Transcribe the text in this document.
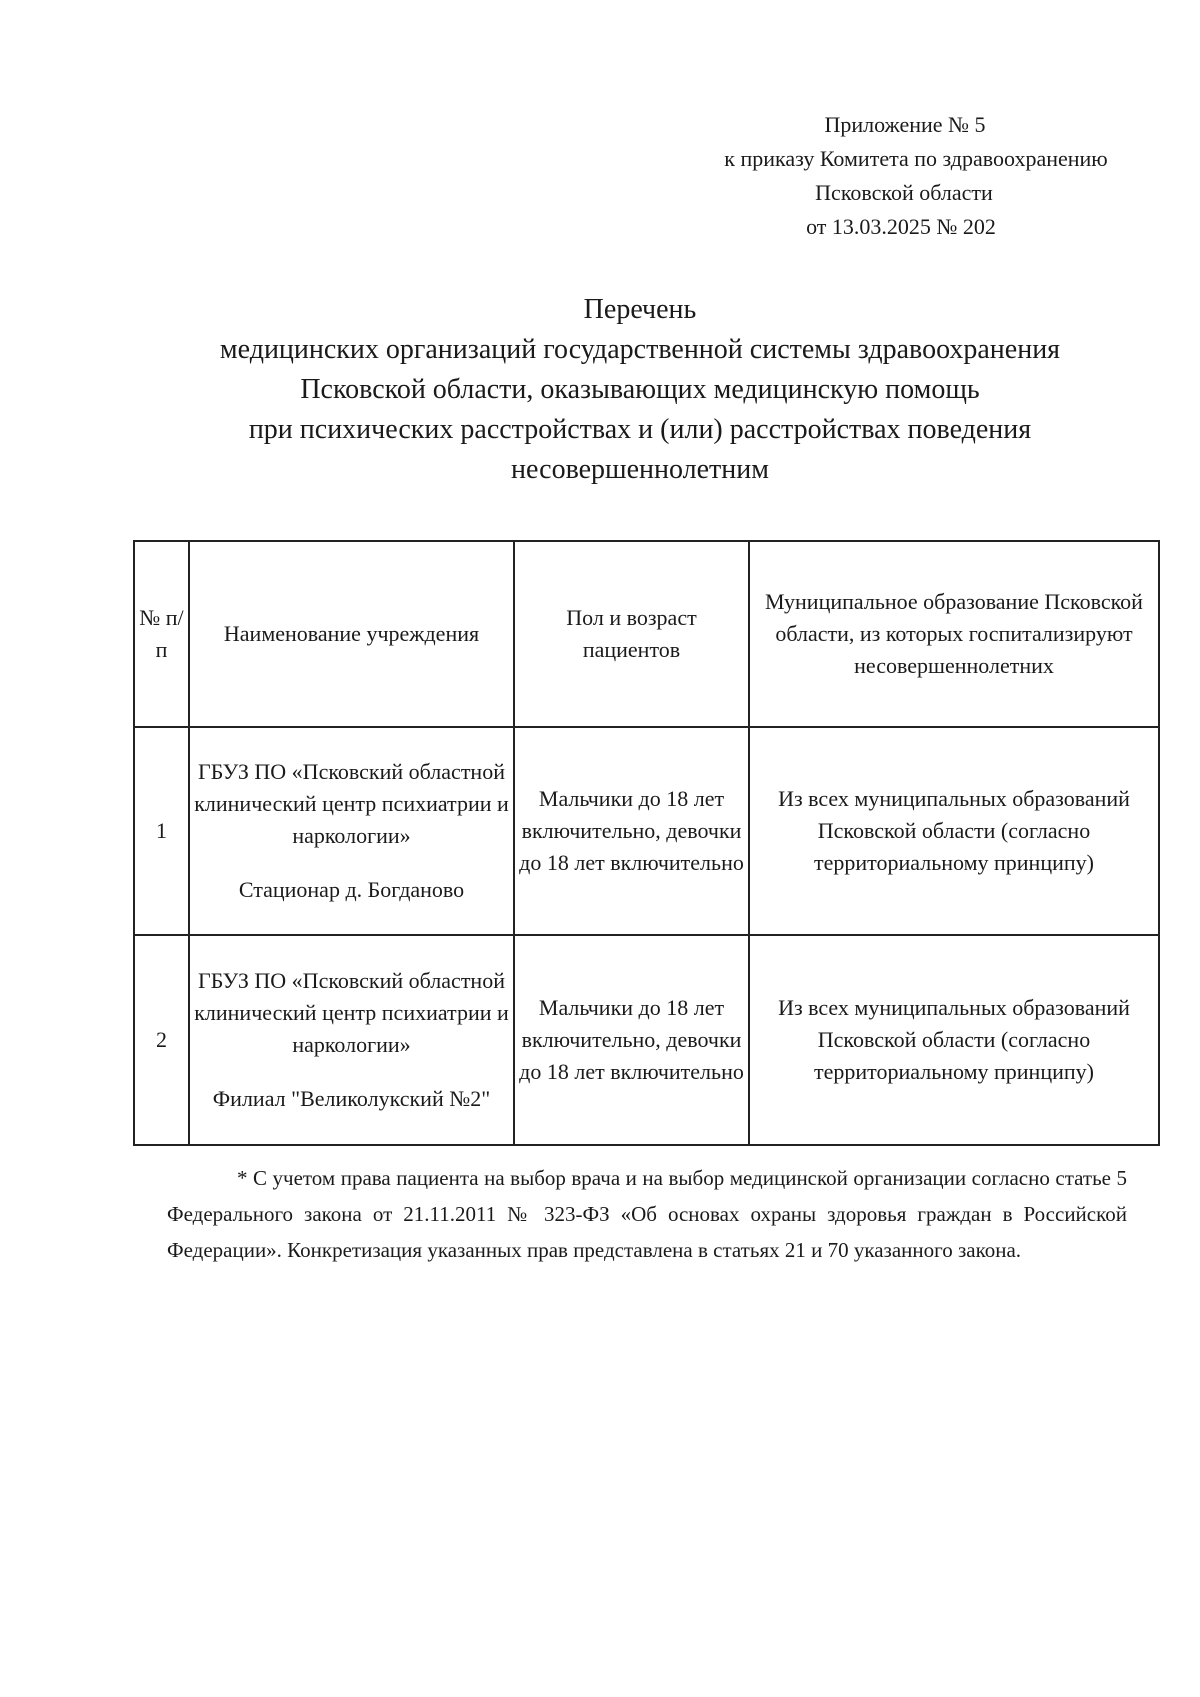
Приложение № 5
к приказу Комитета по здравоохранению
Псковской области
от 13.03.2025 № 202
Перечень
медицинских организаций государственной системы здравоохранения
Псковской области, оказывающих медицинскую помощь
при психических расстройствах и (или) расстройствах поведения
несовершеннолетним
№ п/п	Наименование учреждения	Пол и возраст пациентов	Муниципальное образование Псковской области, из которых госпитализируют несовершеннолетних
1	ГБУЗ ПО «Псковский областной клинический центр психиатрии и наркологии»
Стационар д. Богданово	Мальчики до 18 лет включительно, девочки до 18 лет включительно	Из всех муниципальных образований Псковской области (согласно территориальному принципу)
2	ГБУЗ ПО «Псковский областной клинический центр психиатрии и наркологии»
Филиал "Великолукский №2"	Мальчики до 18 лет включительно, девочки до 18 лет включительно	Из всех муниципальных образований Псковской области (согласно территориальному принципу)
* С учетом права пациента на выбор врача и на выбор медицинской организации согласно статье 5 Федерального закона от 21.11.2011 № 323-ФЗ «Об основах охраны здоровья граждан в Российской Федерации». Конкретизация указанных прав представлена в статьях 21 и 70 указанного закона.
